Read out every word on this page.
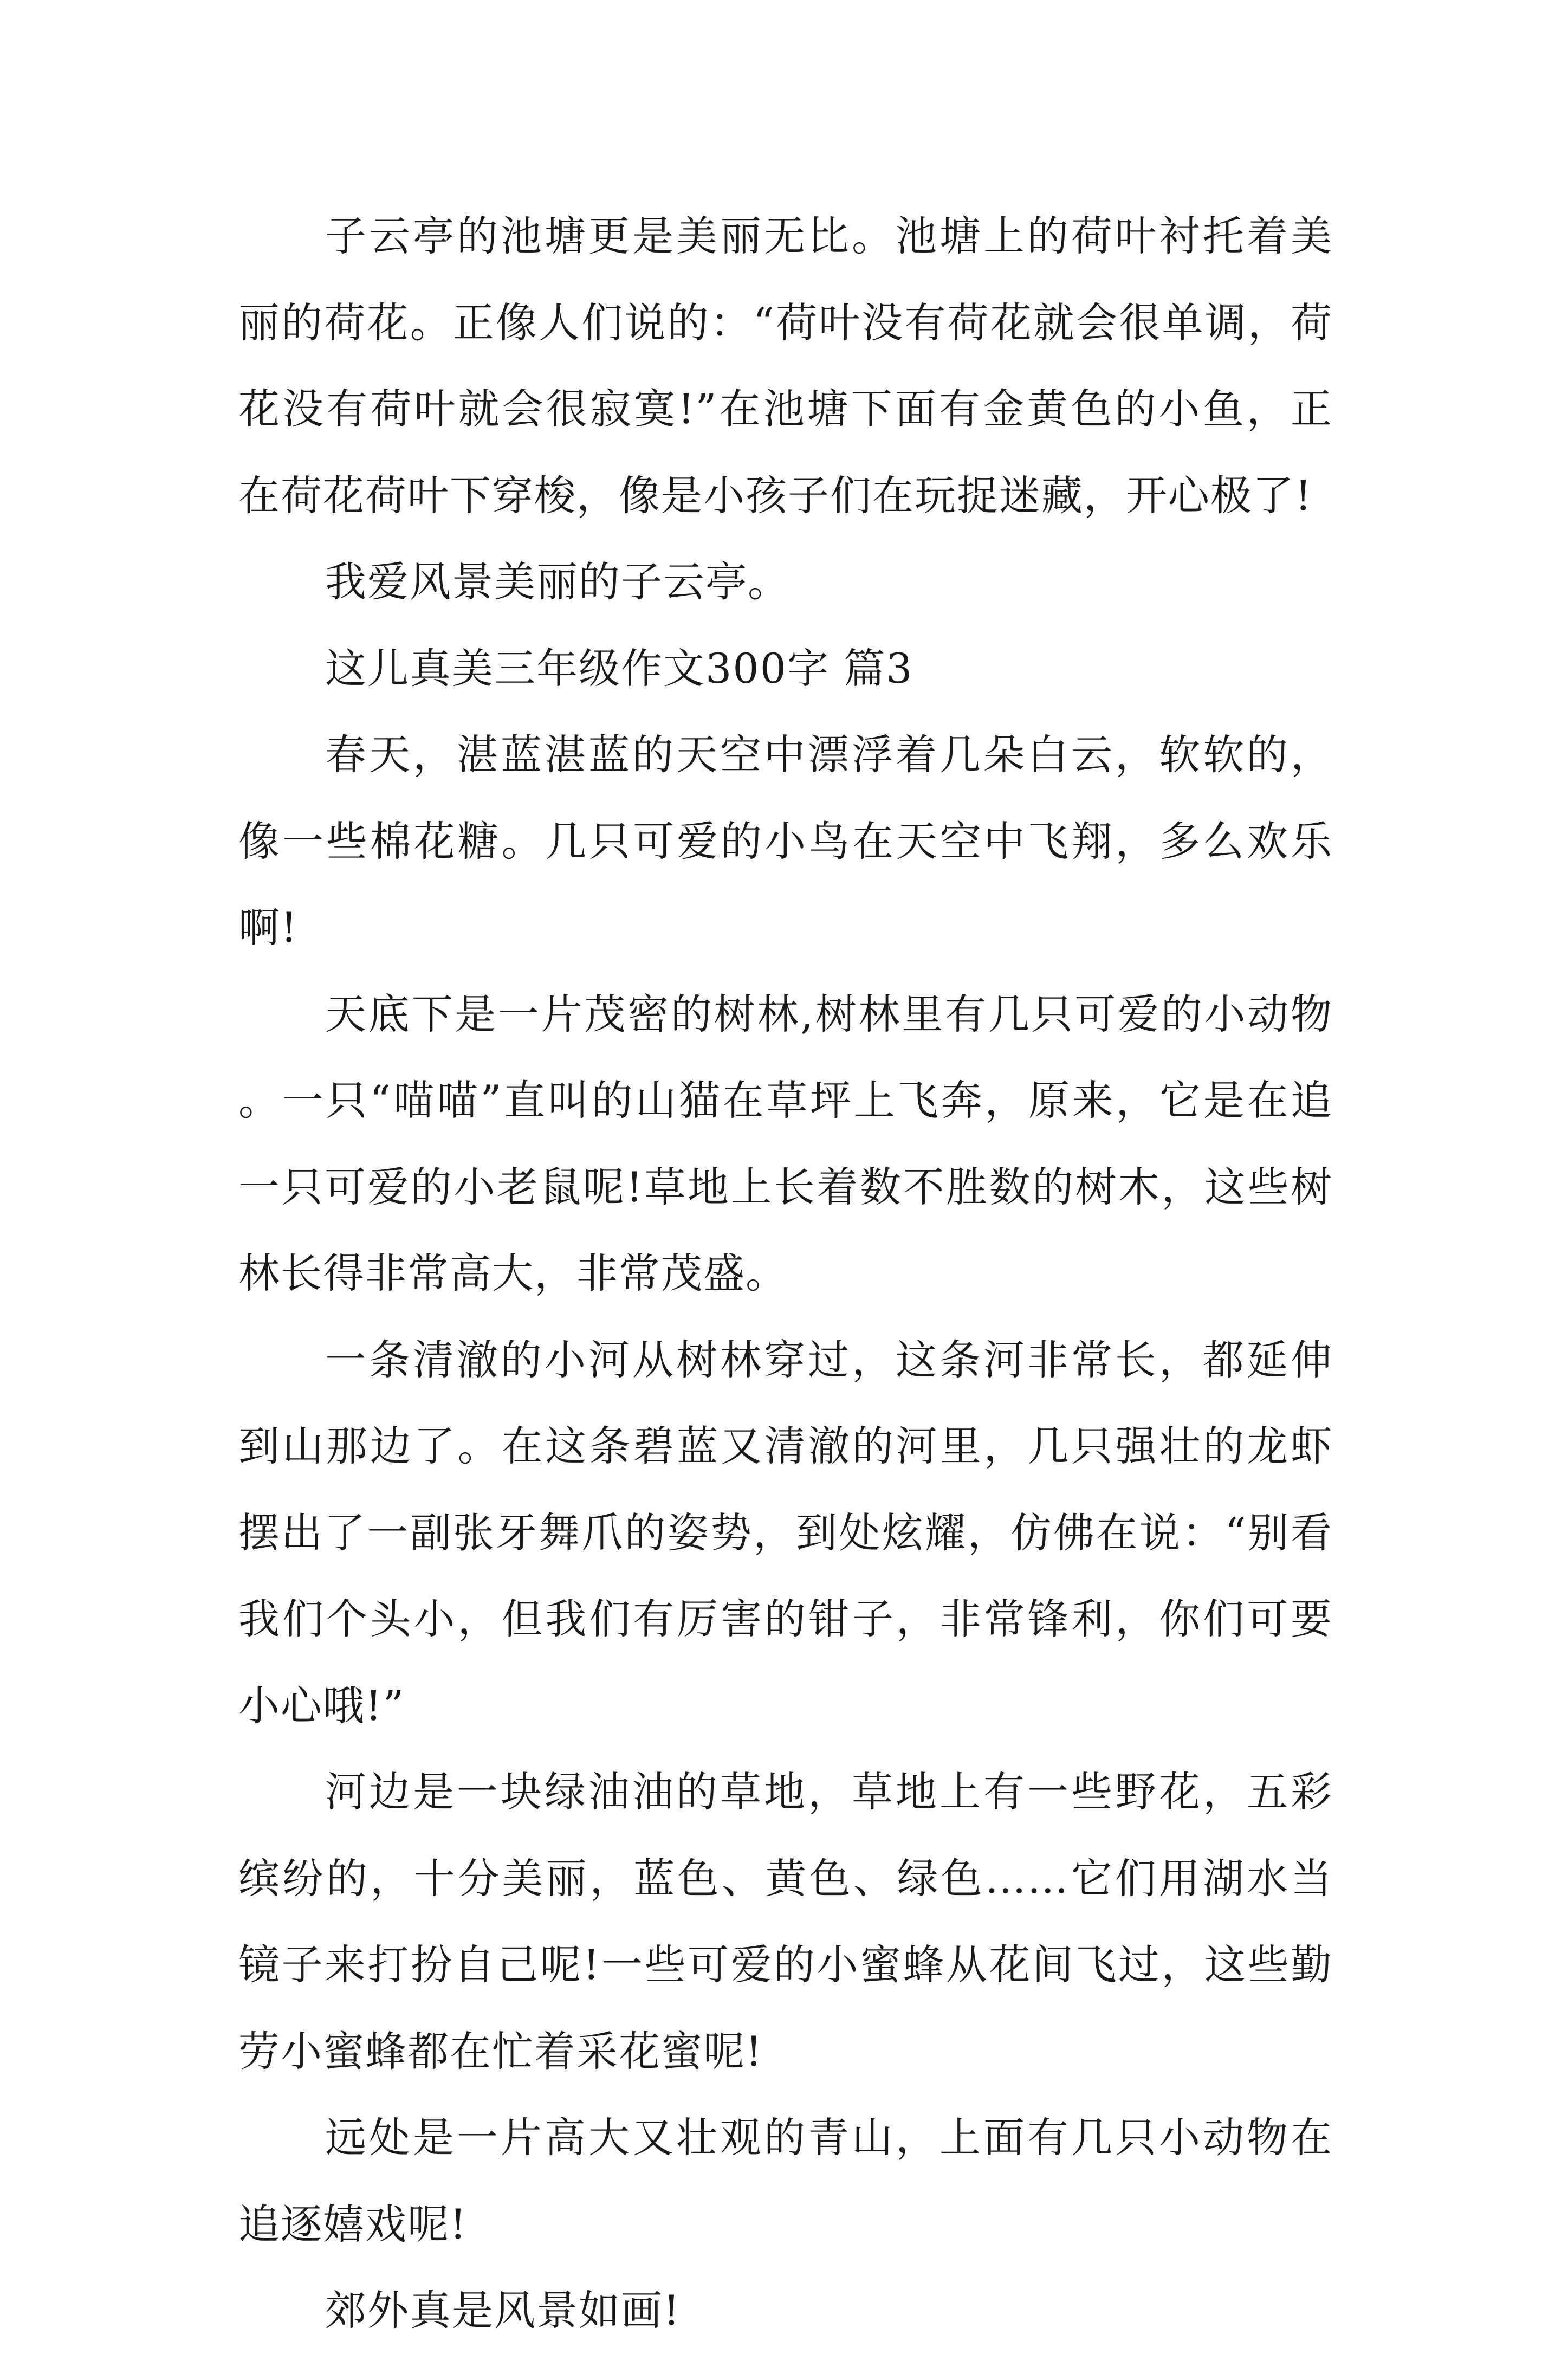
子云亭的池塘更是美丽无比。池塘上的荷叶衬托着美丽的荷花。正像人们说的：“荷叶没有荷花就会很单调，荷花没有荷叶就会很寂寞!”在池塘下面有金黄色的小鱼，正在荷花荷叶下穿梭，像是小孩子们在玩捉迷藏，开心极了!

我爱风景美丽的子云亭。

这儿真美三年级作文300字 篇3

春天，湛蓝湛蓝的天空中漂浮着几朵白云，软软的，像一些棉花糖。几只可爱的小鸟在天空中飞翔，多么欢乐啊!

天底下是一片茂密的树林,树林里有几只可爱的小动物。一只“喵喵”直叫的山猫在草坪上飞奔，原来，它是在追一只可爱的小老鼠呢!草地上长着数不胜数的树木，这些树林长得非常高大，非常茂盛。

一条清澈的小河从树林穿过，这条河非常长，都延伸到山那边了。在这条碧蓝又清澈的河里，几只强壮的龙虾摆出了一副张牙舞爪的姿势，到处炫耀，仿佛在说：“别看我们个头小，但我们有厉害的钳子，非常锋利，你们可要小心哦!”

河边是一块绿油油的草地，草地上有一些野花，五彩缤纷的，十分美丽，蓝色、黄色、绿色……它们用湖水当镜子来打扮自己呢!一些可爱的小蜜蜂从花间飞过，这些勤劳小蜜蜂都在忙着采花蜜呢!

远处是一片高大又壮观的青山，上面有几只小动物在追逐嬉戏呢!

郊外真是风景如画!
